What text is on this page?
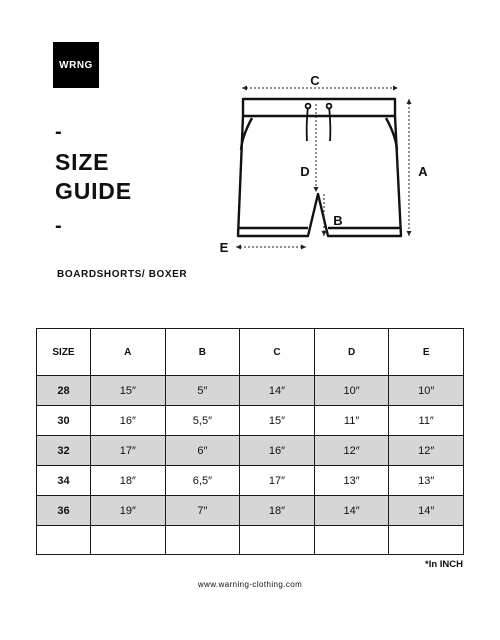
WRNG
-
SIZE
GUIDE
-
BOARDSHORTS/ BOXER
C
A
D
B
E
SIZE	A	B	C	D	E
28	15″	5″	14″	10″	10″
30	16″	5,5″	15″	11″	11″
32	17″	6″	16″	12″	12″
34	18″	6,5″	17″	13″	13″
36	19″	7″	18″	14″	14″

*In INCH
www.warning-clothing.com
